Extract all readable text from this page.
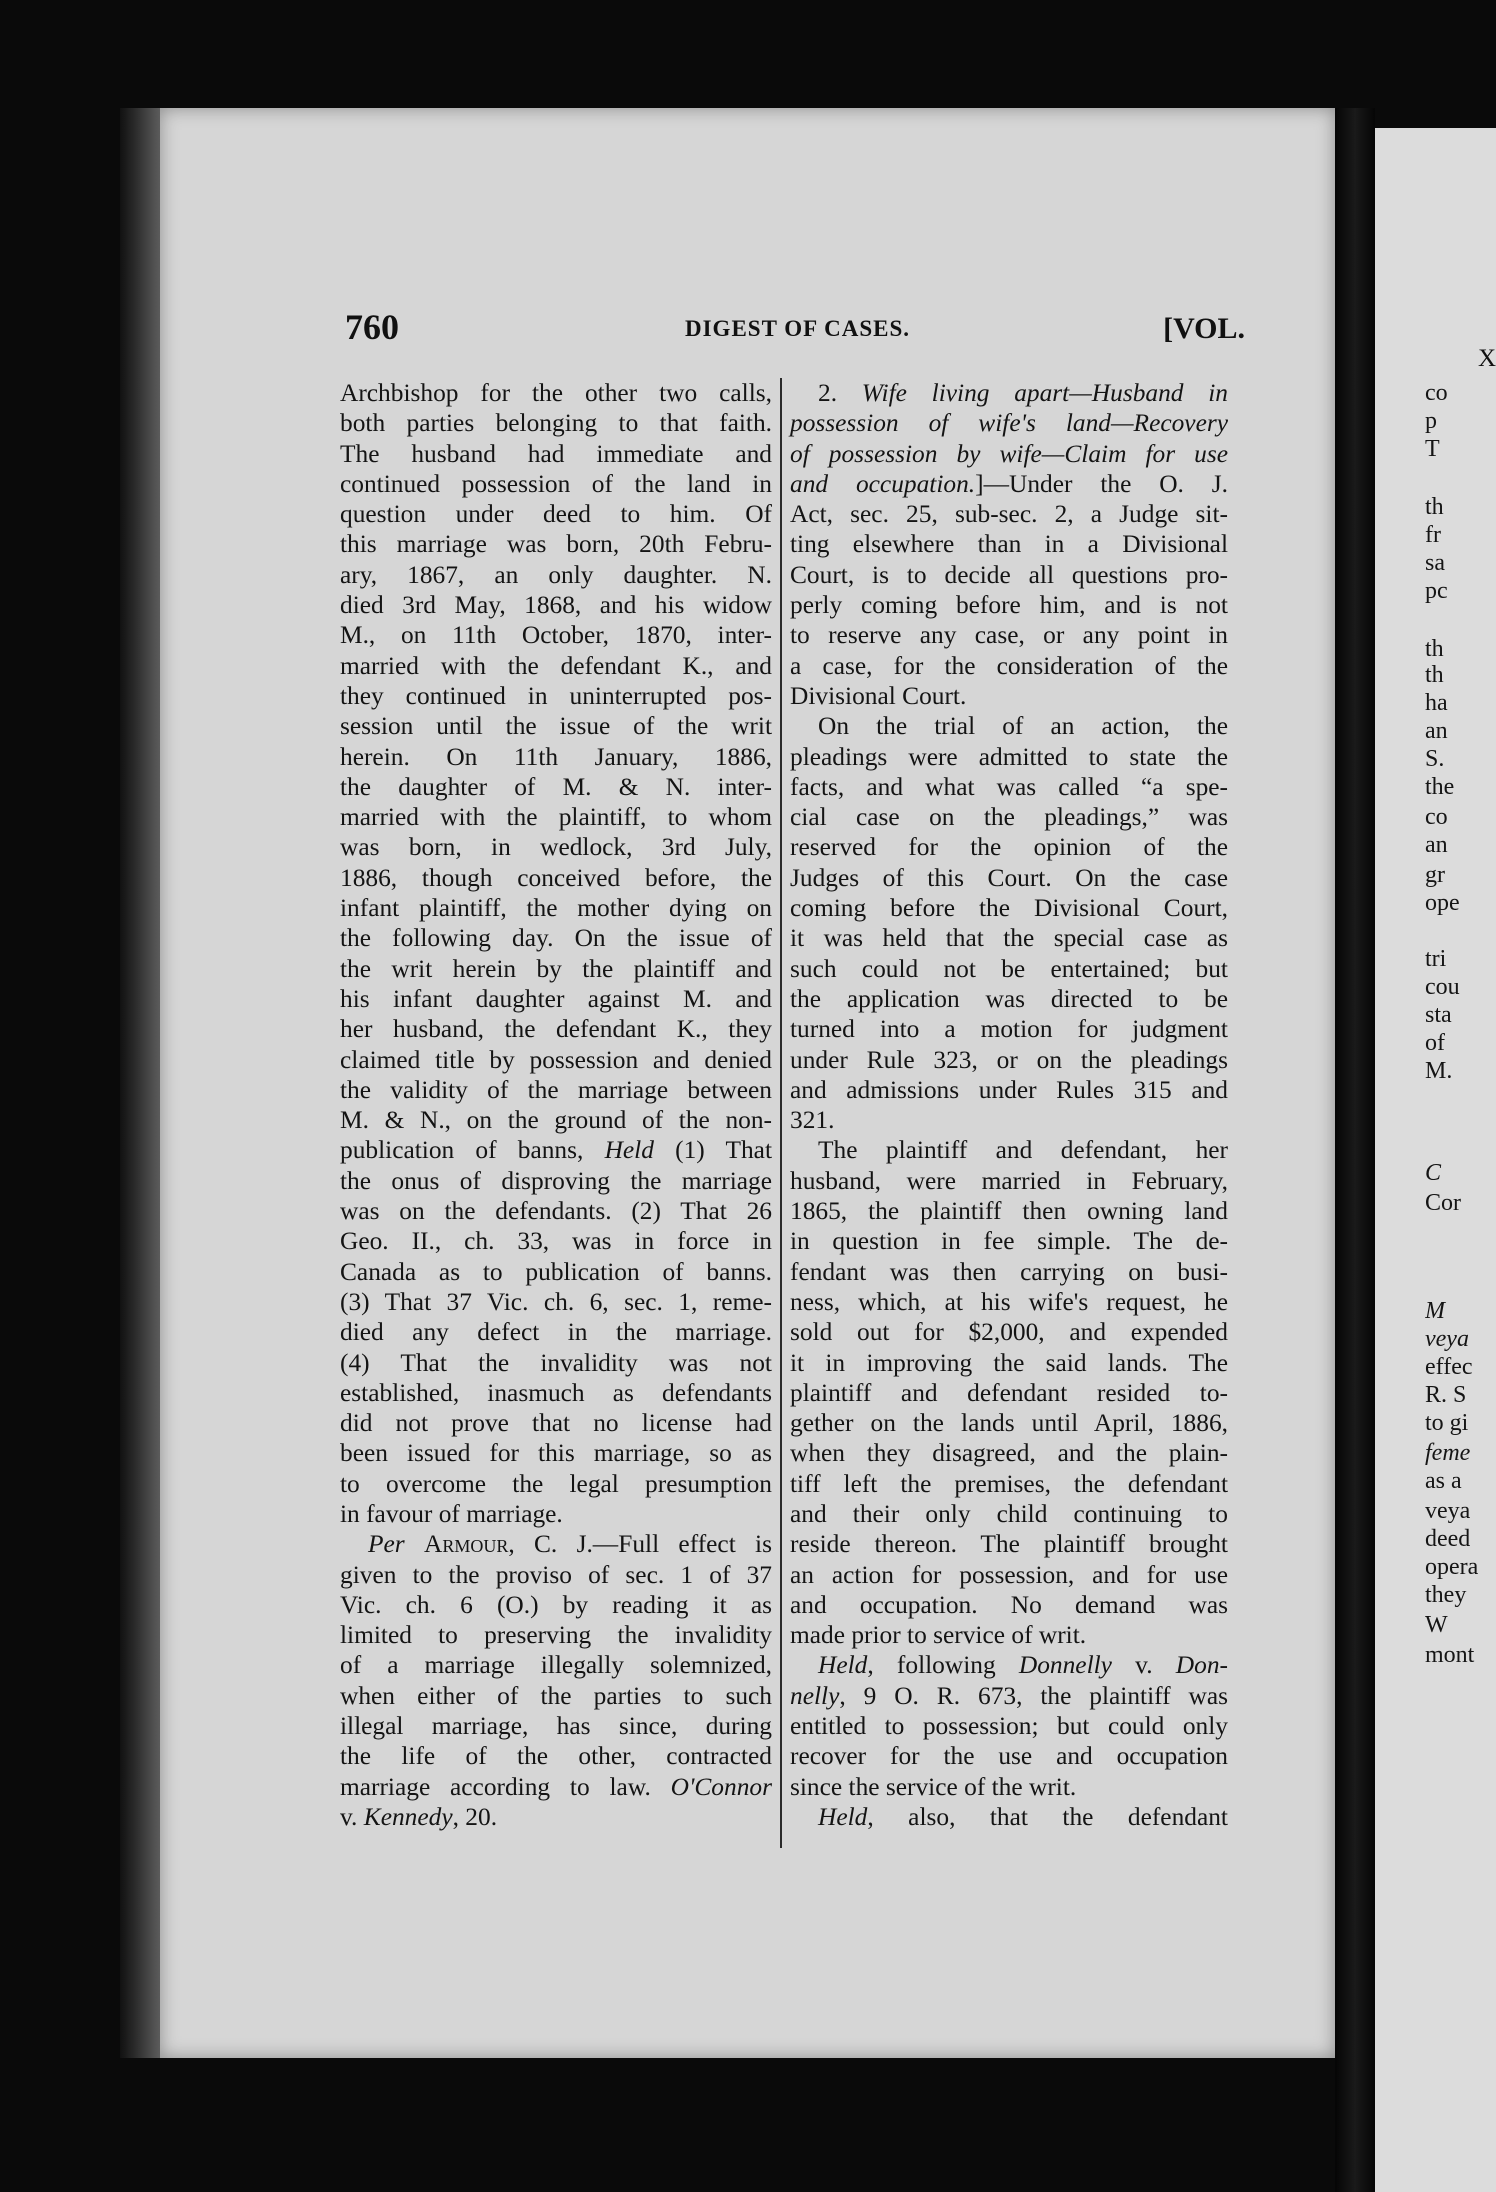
760	DIGEST OF CASES.	[VOL.
Archbishop for the other two calls,
both parties belonging to that faith.
The husband had immediate and
continued possession of the land in
question under deed to him. Of
this marriage was born, 20th Febru-
ary, 1867, an only daughter. N.
died 3rd May, 1868, and his widow
M., on 11th October, 1870, inter-
married with the defendant K., and
they continued in uninterrupted pos-
session until the issue of the writ
herein. On 11th January, 1886,
the daughter of M. & N. inter-
married with the plaintiff, to whom
was born, in wedlock, 3rd July,
1886, though conceived before, the
infant plaintiff, the mother dying on
the following day. On the issue of
the writ herein by the plaintiff and
his infant daughter against M. and
her husband, the defendant K., they
claimed title by possession and denied
the validity of the marriage between
M. & N., on the ground of the non-
publication of banns, Held (1) That
the onus of disproving the marriage
was on the defendants. (2) That 26
Geo. II., ch. 33, was in force in
Canada as to publication of banns.
(3) That 37 Vic. ch. 6, sec. 1, reme-
died any defect in the marriage.
(4) That the invalidity was not
established, inasmuch as defendants
did not prove that no license had
been issued for this marriage, so as
to overcome the legal presumption
in favour of marriage.
Per Armour, C. J.—Full effect is
given to the proviso of sec. 1 of 37
Vic. ch. 6 (O.) by reading it as
limited to preserving the invalidity
of a marriage illegally solemnized,
when either of the parties to such
illegal marriage, has since, during
the life of the other, contracted
marriage according to law. O'Connor
v. Kennedy, 20.
2. Wife living apart—Husband in
possession of wife's land—Recovery
of possession by wife—Claim for use
and occupation.]—Under the O. J.
Act, sec. 25, sub-sec. 2, a Judge sit-
ting elsewhere than in a Divisional
Court, is to decide all questions pro-
perly coming before him, and is not
to reserve any case, or any point in
a case, for the consideration of the
Divisional Court.
On the trial of an action, the
pleadings were admitted to state the
facts, and what was called “a spe-
cial case on the pleadings,” was
reserved for the opinion of the
Judges of this Court. On the case
coming before the Divisional Court,
it was held that the special case as
such could not be entertained; but
the application was directed to be
turned into a motion for judgment
under Rule 323, or on the pleadings
and admissions under Rules 315 and
321.
The plaintiff and defendant, her
husband, were married in February,
1865, the plaintiff then owning land
in question in fee simple. The de-
fendant was then carrying on busi-
ness, which, at his wife's request, he
sold out for $2,000, and expended
it in improving the said lands. The
plaintiff and defendant resided to-
gether on the lands until April, 1886,
when they disagreed, and the plain-
tiff left the premises, the defendant
and their only child continuing to
reside thereon. The plaintiff brought
an action for possession, and for use
and occupation. No demand was
made prior to service of writ.
Held, following Donnelly v. Don-
nelly, 9 O. R. 673, the plaintiff was
entitled to possession; but could only
recover for the use and occupation
since the service of the writ.
Held, also, that the defendant
X
co
p
T
th
fr
sa
pc
th
th
ha
an
S.
the
co
an
gr
ope
tri
cou
sta
of
M.
C
Cor
M
veya
effec
R. S
to gi
feme
as a
veya
deed
opera
they
W
mont
